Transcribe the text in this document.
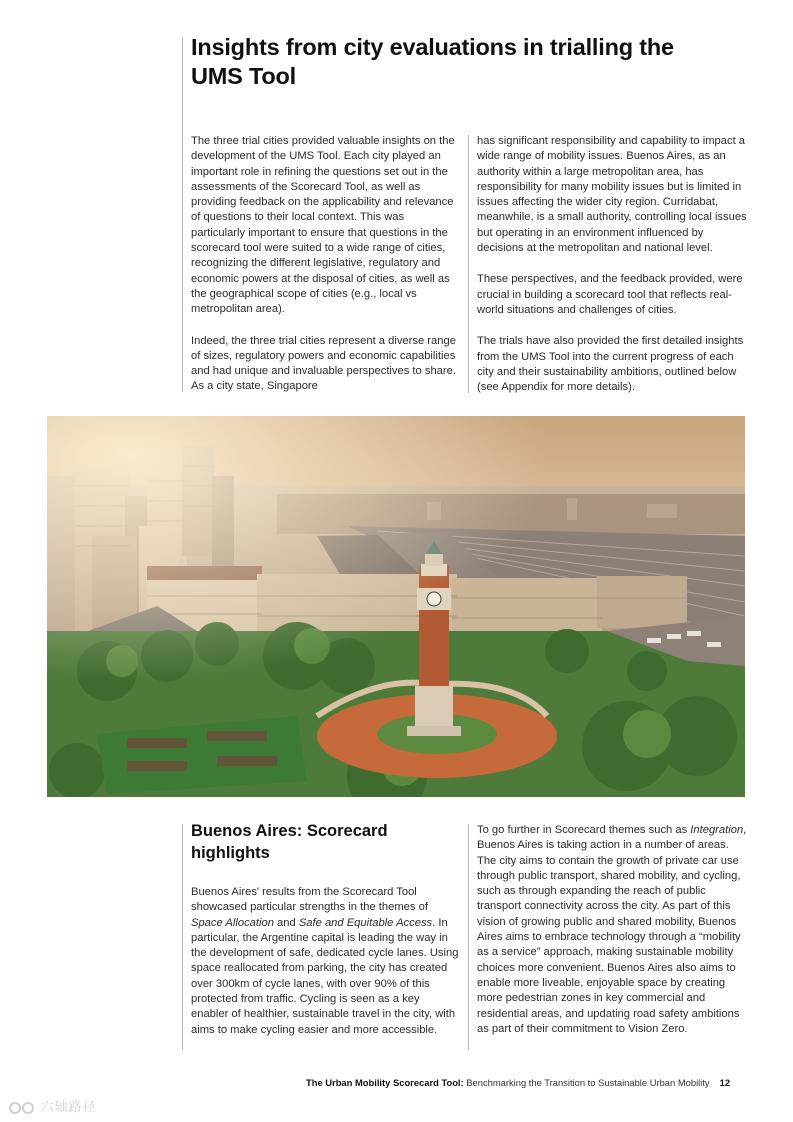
Insights from city evaluations in trialling the UMS Tool

The three trial cities provided valuable insights on the development of the UMS Tool. Each city played an important role in refining the questions set out in the assessments of the Scorecard Tool, as well as providing feedback on the applicability and relevance of questions to their local context. This was particularly important to ensure that questions in the scorecard tool were suited to a wide range of cities, recognizing the different legislative, regulatory and economic powers at the disposal of cities, as well as the geographical scope of cities (e.g., local vs metropolitan area).

Indeed, the three trial cities represent a diverse range of sizes, regulatory powers and economic capabilities and had unique and invaluable perspectives to share. As a city state, Singapore

has significant responsibility and capability to impact a wide range of mobility issues. Buenos Aires, as an authority within a large metropolitan area, has responsibility for many mobility issues but is limited in issues affecting the wider city region. Curridabat, meanwhile, is a small authority, controlling local issues but operating in an environment influenced by decisions at the metropolitan and national level.

These perspectives, and the feedback provided, were crucial in building a scorecard tool that reflects real-world situations and challenges of cities.

The trials have also provided the first detailed insights from the UMS Tool into the current progress of each city and their sustainability ambitions, outlined below (see Appendix for more details).

Buenos Aires: Scorecard highlights

Buenos Aires' results from the Scorecard Tool showcased particular strengths in the themes of Space Allocation and Safe and Equitable Access. In particular, the Argentine capital is leading the way in the development of safe, dedicated cycle lanes. Using space reallocated from parking, the city has created over 300km of cycle lanes, with over 90% of this protected from traffic. Cycling is seen as a key enabler of healthier, sustainable travel in the city, with aims to make cycling easier and more accessible.

To go further in Scorecard themes such as Integration, Buenos Aires is taking action in a number of areas. The city aims to contain the growth of private car use through public transport, shared mobility, and cycling, such as through expanding the reach of public transport connectivity across the city. As part of this vision of growing public and shared mobility, Buenos Aires aims to embrace technology through a “mobility as a service” approach, making sustainable mobility choices more convenient. Buenos Aires also aims to enable more liveable, enjoyable space by creating more pedestrian zones in key commercial and residential areas, and updating road safety ambitions as part of their commitment to Vision Zero.

The Urban Mobility Scorecard Tool: Benchmarking the Transition to Sustainable Urban Mobility 12
六轴路径
